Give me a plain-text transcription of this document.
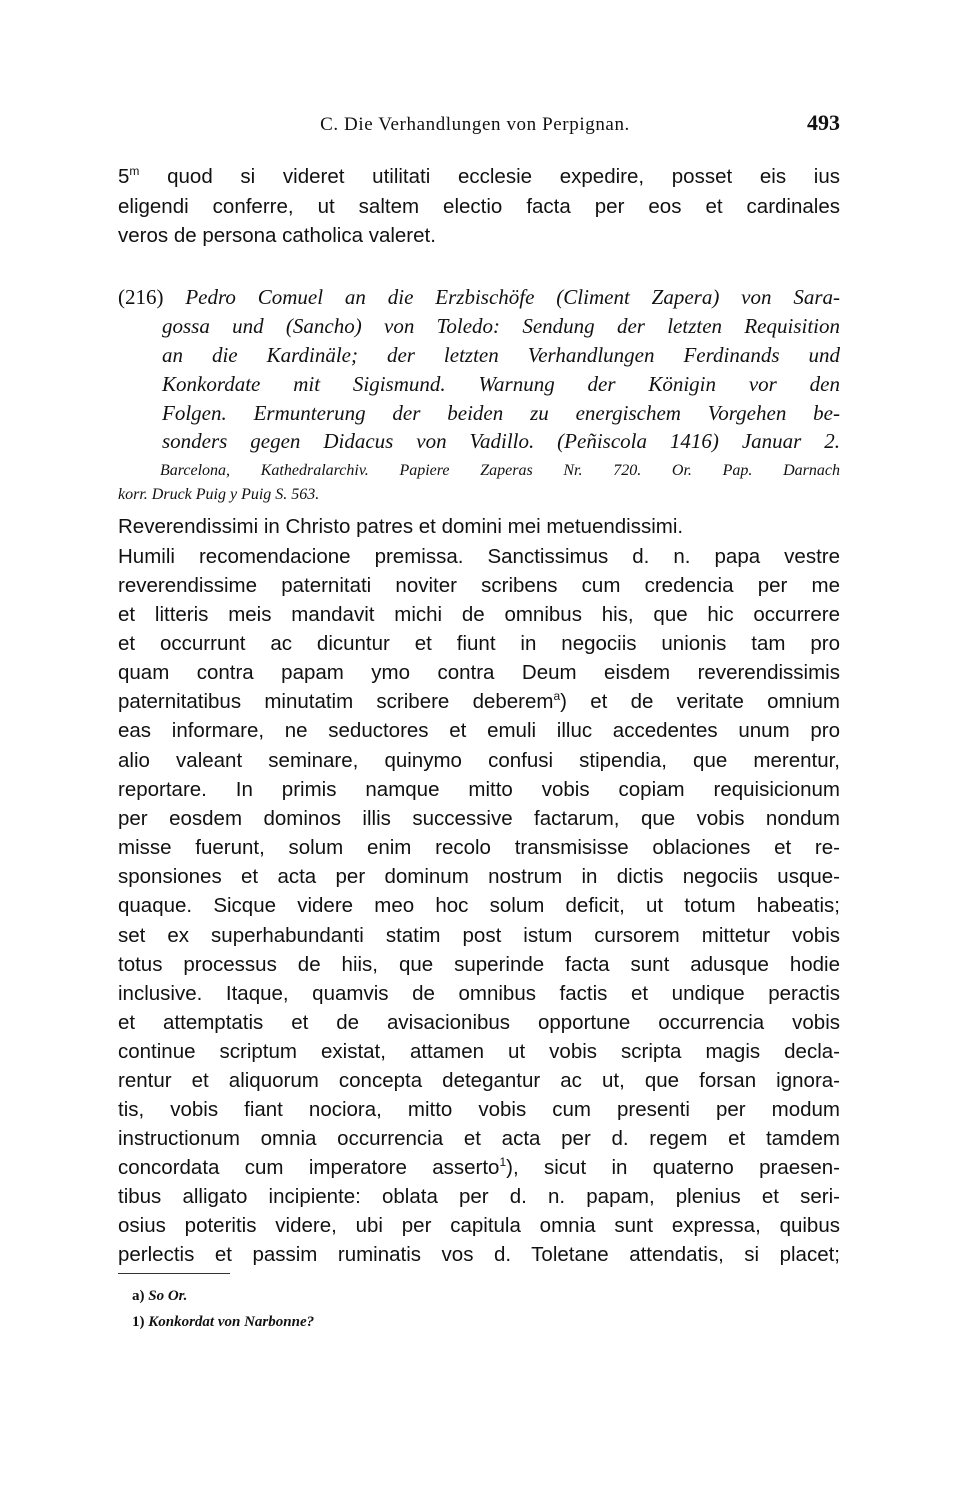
C. Die Verhandlungen von Perpignan.	493
5$^m$ quod si videret utilitati ecclesie expedire, posset eis ius
eligendi conferre, ut saltem electio facta per eos et cardinales
veros de persona catholica valeret.
(216) Pedro Comuel an die Erzbischöfe (Climent Zapera) von Sara-
gossa und (Sancho) von Toledo: Sendung der letzten Requisition
an die Kardinäle; der letzten Verhandlungen Ferdinands und
Konkordate mit Sigismund. Warnung der Königin vor den
Folgen. Ermunterung der beiden zu energischem Vorgehen be-
sonders gegen Didacus von Vadillo. (Peñiscola 1416) Januar 2.
Barcelona, Kathedralarchiv. Papiere Zaperas Nr. 720. Or. Pap. Darnach
korr. Druck Puig y Puig S. 563.
Reverendissimi in Christo patres et domini mei metuendissimi.
Humili recomendacione premissa. Sanctissimus d. n. papa vestre
reverendissime paternitati noviter scribens cum credencia per me
et litteris meis mandavit michi de omnibus his, que hic occurrere
et occurrunt ac dicuntur et fiunt in negociis unionis tam pro
quam contra papam ymo contra Deum eisdem reverendissimis
paternitatibus minutatim scribere deberem$^a$) et de veritate omnium
eas informare, ne seductores et emuli illuc accedentes unum pro
alio valeant seminare, quinymo confusi stipendia, que merentur,
reportare. In primis namque mitto vobis copiam requisicionum
per eosdem dominos illis successive factarum, que vobis nondum
misse fuerunt, solum enim recolo transmisisse oblaciones et re-
sponsiones et acta per dominum nostrum in dictis negociis usque-
quaque. Sicque videre meo hoc solum deficit, ut totum habeatis;
set ex superhabundanti statim post istum cursorem mittetur vobis
totus processus de hiis, que superinde facta sunt adusque hodie
inclusive. Itaque, quamvis de omnibus factis et undique peractis
et attemptatis et de avisacionibus opportune occurrencia vobis
continue scriptum existat, attamen ut vobis scripta magis decla-
rentur et aliquorum concepta detegantur ac ut, que forsan ignora-
tis, vobis fiant nociora, mitto vobis cum presenti per modum
instructionum omnia occurrencia et acta per d. regem et tamdem
concordata cum imperatore asserto$^1$), sicut in quaterno praesen-
tibus alligato incipiente: oblata per d. n. papam, plenius et seri-
osius poteritis videre, ubi per capitula omnia sunt expressa, quibus
perlectis et passim ruminatis vos d. Toletane attendatis, si placet;
a) So Or.
1) Konkordat von Narbonne?
